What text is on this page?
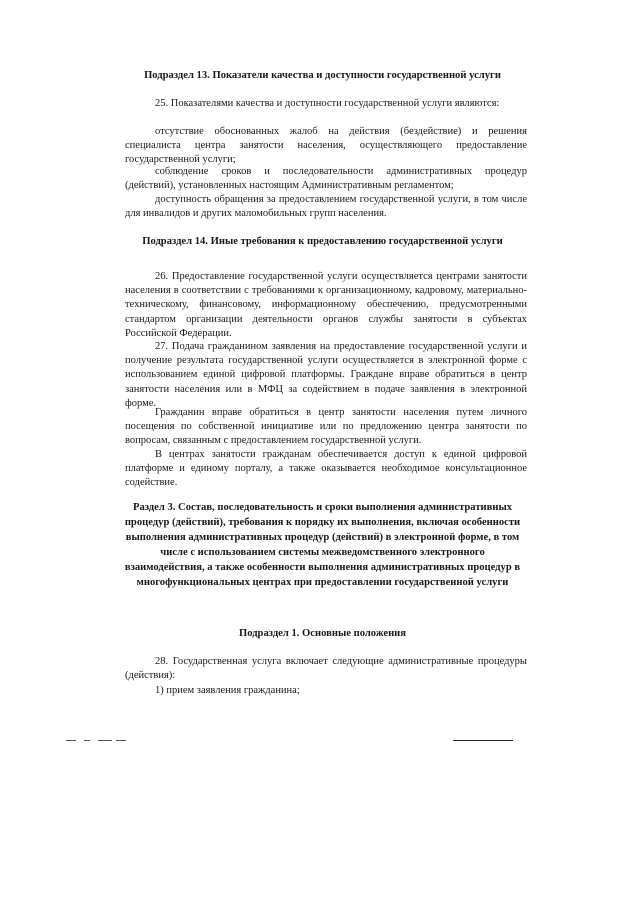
Подраздел 13. Показатели качества и доступности государственной услуги
25. Показателями качества и доступности государственной услуги являются:
отсутствие обоснованных жалоб на действия (бездействие) и решения специалиста центра занятости населения, осуществляющего предоставление государственной услуги;
соблюдение сроков и последовательности административных процедур (действий), установленных настоящим Административным регламентом;
доступность обращения за предоставлением государственной услуги, в том числе для инвалидов и других маломобильных групп населения.
Подраздел 14. Иные требования к предоставлению государственной услуги
26. Предоставление государственной услуги осуществляется центрами занятости населения в соответствии с требованиями к организационному, кадровому, материально-техническому, финансовому, информационному обеспечению, предусмотренными стандартом организации деятельности органов службы занятости в субъектах Российской Федерации.
27. Подача гражданином заявления на предоставление государственной услуги и получение результата государственной услуги осуществляется в электронной форме с использованием единой цифровой платформы. Граждане вправе обратиться в центр занятости населения или в МФЦ за содействием в подаче заявления в электронной форме.
Гражданин вправе обратиться в центр занятости населения путем личного посещения по собственной инициативе или по предложению центра занятости по вопросам, связанным с предоставлением государственной услуги.
В центрах занятости гражданам обеспечивается доступ к единой цифровой платформе и единому порталу, а также оказывается необходимое консультационное содействие.
Раздел 3. Состав, последовательность и сроки выполнения административных процедур (действий), требования к порядку их выполнения, включая особенности выполнения административных процедур (действий) в электронной форме, в том числе с использованием системы межведомственного электронного взаимодействия, а также особенности выполнения административных процедур в многофункциональных центрах при предоставлении государственной услуги
Подраздел 1. Основные положения
28. Государственная услуга включает следующие административные процедуры (действия):
1) прием заявления гражданина;
